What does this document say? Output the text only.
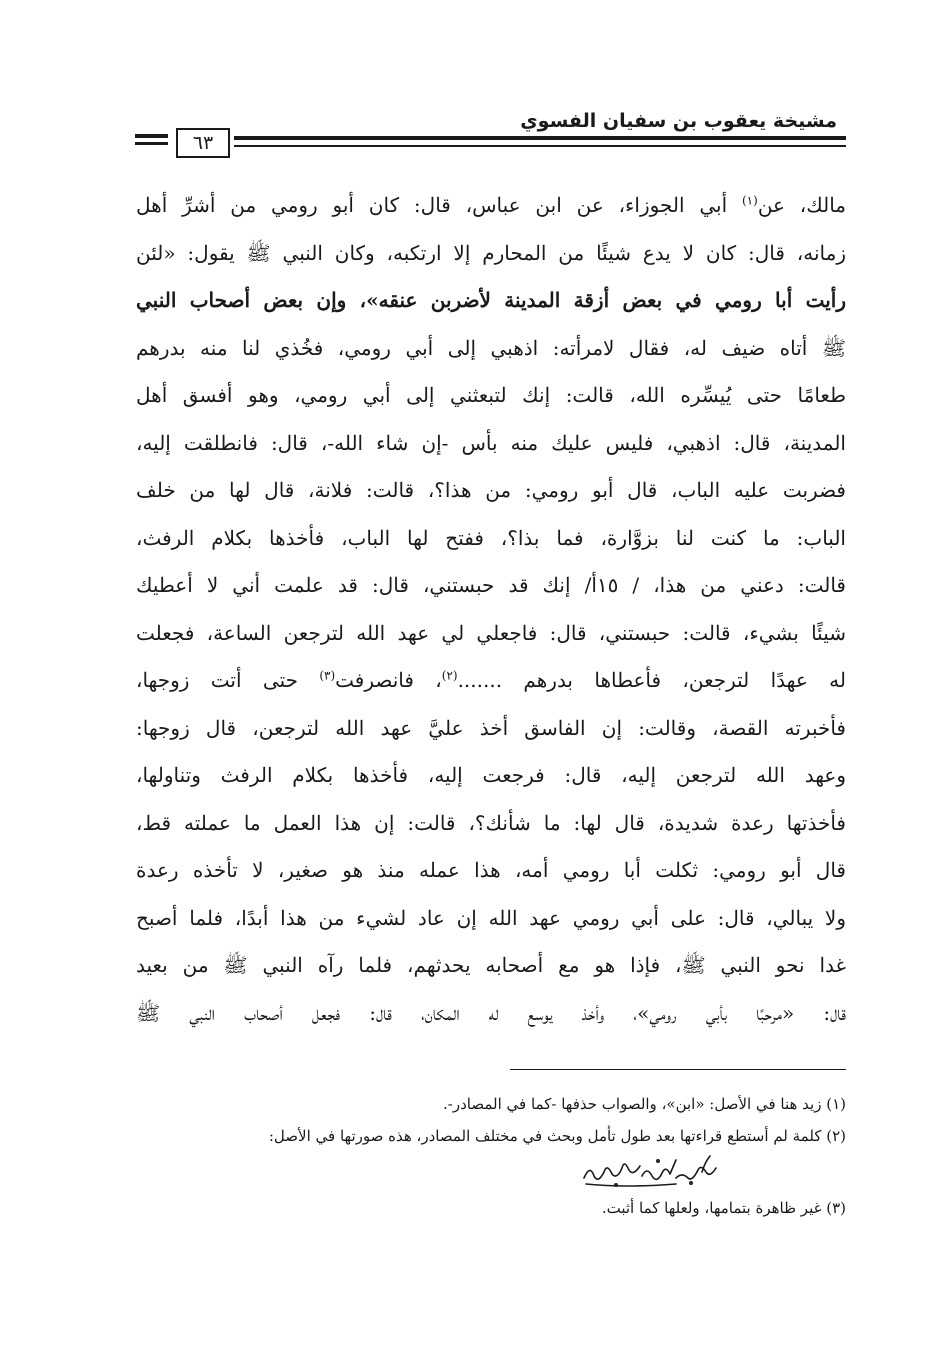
مشيخة يعقوب بن سفيان الفسوي
٦٣
مالك، عن$^{(١)}$ أبي الجوزاء، عن ابن عباس، قال: كان أبو رومي من أشرِّ أهل
زمانه، قال: كان لا يدع شيئًا من المحارم إلا ارتكبه، وكان النبي ﷺ يقول: «لئن
رأيت أبا رومي في بعض أزقة المدينة لأضربن عنقه»، وإن بعض أصحاب النبي
ﷺ أتاه ضيف له، فقال لامرأته: اذهبي إلى أبي رومي، فخُذي لنا منه بدرهم
طعامًا حتى يُيسِّره الله، قالت: إنك لتبعثني إلى أبي رومي، وهو أفسق أهل
المدينة، قال: اذهبي، فليس عليك منه بأس -إن شاء الله-، قال: فانطلقت إليه،
فضربت عليه الباب، قال أبو رومي: من هذا؟، قالت: فلانة، قال لها من خلف
الباب: ما كنت لنا بزوَّارة، فما بذا؟، ففتح لها الباب، فأخذها بكلام الرفث،
قالت: دعني من هذا، / ١٥أ/ إنك قد حبستني، قال: قد علمت أني لا أعطيك
شيئًا بشيء، قالت: حبستني، قال: فاجعلي لي عهد الله لترجعن الساعة، فجعلت
له عهدًا لترجعن، فأعطاها بدرهم .......$^{(٢)}$، فانصرفت$^{(٣)}$ حتى أتت زوجها،
فأخبرته القصة، وقالت: إن الفاسق أخذ عليَّ عهد الله لترجعن، قال زوجها:
وعهد الله لترجعن إليه، قال: فرجعت إليه، فأخذها بكلام الرفث وتناولها،
فأخذتها رعدة شديدة، قال لها: ما شأنك؟، قالت: إن هذا العمل ما عملته قط،
قال أبو رومي: ثكلت أبا رومي أمه، هذا عمله منذ هو صغير، لا تأخذه رعدة
ولا يبالي، قال: على أبي رومي عهد الله إن عاد لشيء من هذا أبدًا، فلما أصبح
غدا نحو النبي ﷺ، فإذا هو مع أصحابه يحدثهم، فلما رآه النبي ﷺ من بعيد
قال: «مرحبًا بأبي رومي»، وأخذ يوسع له المكان، قال: فجعل أصحاب النبي ﷺ
(١) زيد هنا في الأصل: «ابن»، والصواب حذفها -كما في المصادر-.
(٢) كلمة لم أستطع قراءتها بعد طول تأمل وبحث في مختلف المصادر، هذه صورتها في الأصل:
(٣) غير ظاهرة بتمامها، ولعلها كما أثبت.
